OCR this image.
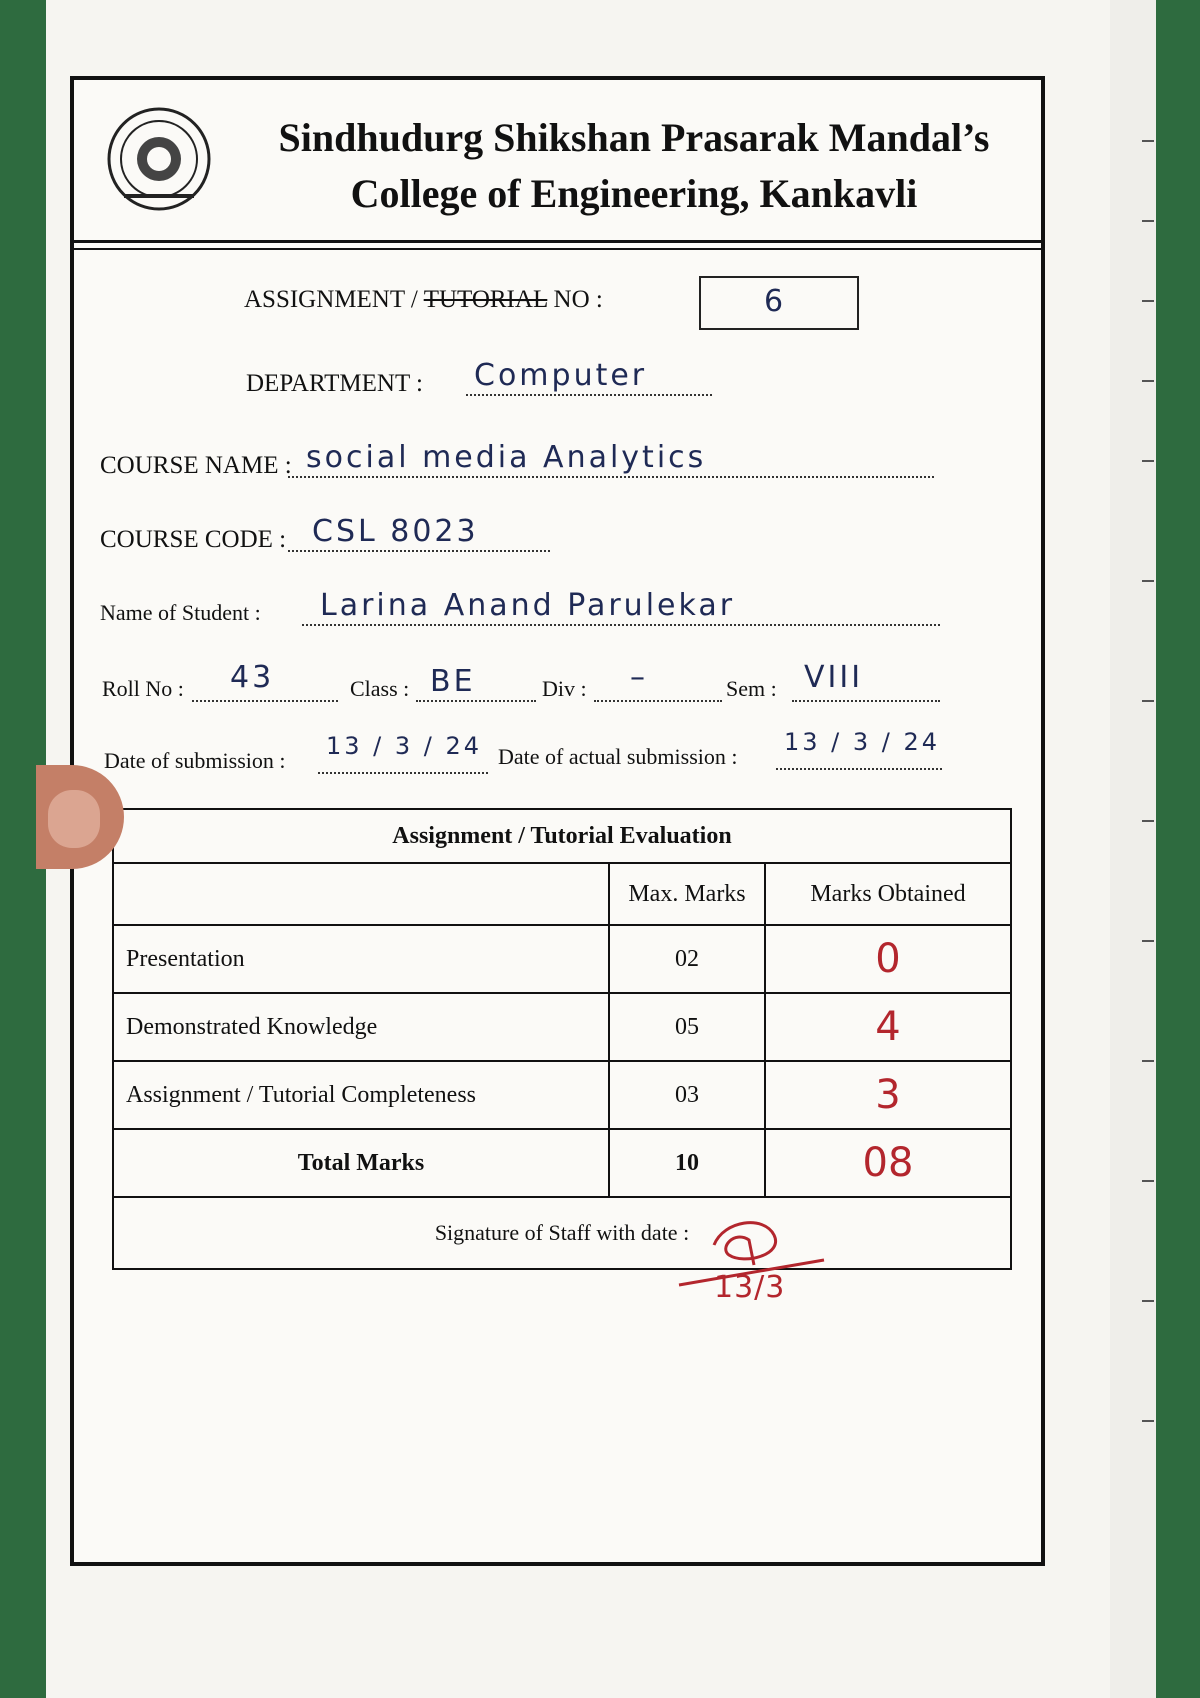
Sindhudurg Shikshan Prasarak Mandal’s
College of Engineering, Kankavli
ASSIGNMENT / TUTORIAL NO :	6
DEPARTMENT : Computer
COURSE NAME : social media Analytics
COURSE CODE : CSL 8023
Name of Student : Larina Anand Parulekar
Roll No : 43	Class : BE	Div : –	Sem : VIII
Date of submission :
13 / 3 / 24 Date of actual submission :
13 / 3 / 24
Assignment / Tutorial Evaluation		
	Max. Marks	Marks Obtained
Presentation	02	0
Demonstrated Knowledge	05	4
Assignment / Tutorial Completeness	03	3
Total Marks	10	08
Signature of Staff with date :		
13/3
